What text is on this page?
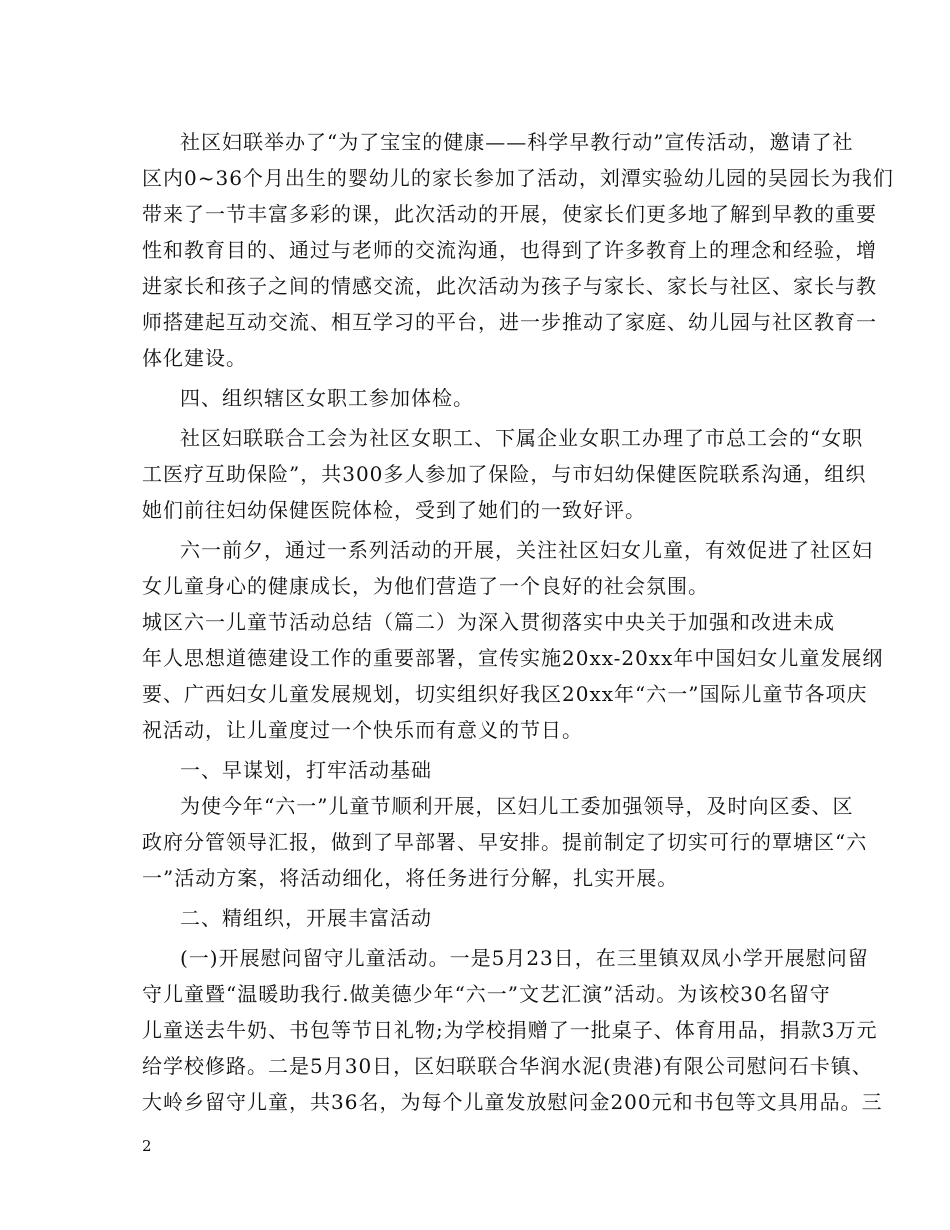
社区妇联举办了“为了宝宝的健康——科学早教行动”宣传活动，邀请了社
区内0~36个月出生的婴幼儿的家长参加了活动，刘潭实验幼儿园的吴园长为我们
带来了一节丰富多彩的课，此次活动的开展，使家长们更多地了解到早教的重要
性和教育目的、通过与老师的交流沟通，也得到了许多教育上的理念和经验，增
进家长和孩子之间的情感交流，此次活动为孩子与家长、家长与社区、家长与教
师搭建起互动交流、相互学习的平台，进一步推动了家庭、幼儿园与社区教育一
体化建设。
四、组织辖区女职工参加体检。
社区妇联联合工会为社区女职工、下属企业女职工办理了市总工会的“女职
工医疗互助保险”，共300多人参加了保险，与市妇幼保健医院联系沟通，组织
她们前往妇幼保健医院体检，受到了她们的一致好评。
六一前夕，通过一系列活动的开展，关注社区妇女儿童，有效促进了社区妇
女儿童身心的健康成长，为他们营造了一个良好的社会氛围。
城区六一儿童节活动总结（篇二） 为深入贯彻落实中央关于加强和改进未成
年人思想道德建设工作的重要部署，宣传实施20xx-20xx年中国妇女儿童发展纲
要、广西妇女儿童发展规划，切实组织好我区20xx年“六一”国际儿童节各项庆
祝活动，让儿童度过一个快乐而有意义的节日。
一、早谋划，打牢活动基础
为使今年“六一”儿童节顺利开展，区妇儿工委加强领导，及时向区委、区
政府分管领导汇报，做到了早部署、早安排。提前制定了切实可行的覃塘区“六
一”活动方案，将活动细化，将任务进行分解，扎实开展。
二、精组织，开展丰富活动
(一)开展慰问留守儿童活动。一是5月23日，在三里镇双凤小学开展慰问留
守儿童暨“温暖助我行.做美德少年“六一”文艺汇演”活动。为该校30名留守
儿童送去牛奶、书包等节日礼物;为学校捐赠了一批桌子、体育用品，捐款3万元
给学校修路。二是5月30日，区妇联联合华润水泥(贵港)有限公司慰问石卡镇、
大岭乡留守儿童，共36名，为每个儿童发放慰问金200元和书包等文具用品。三
2
